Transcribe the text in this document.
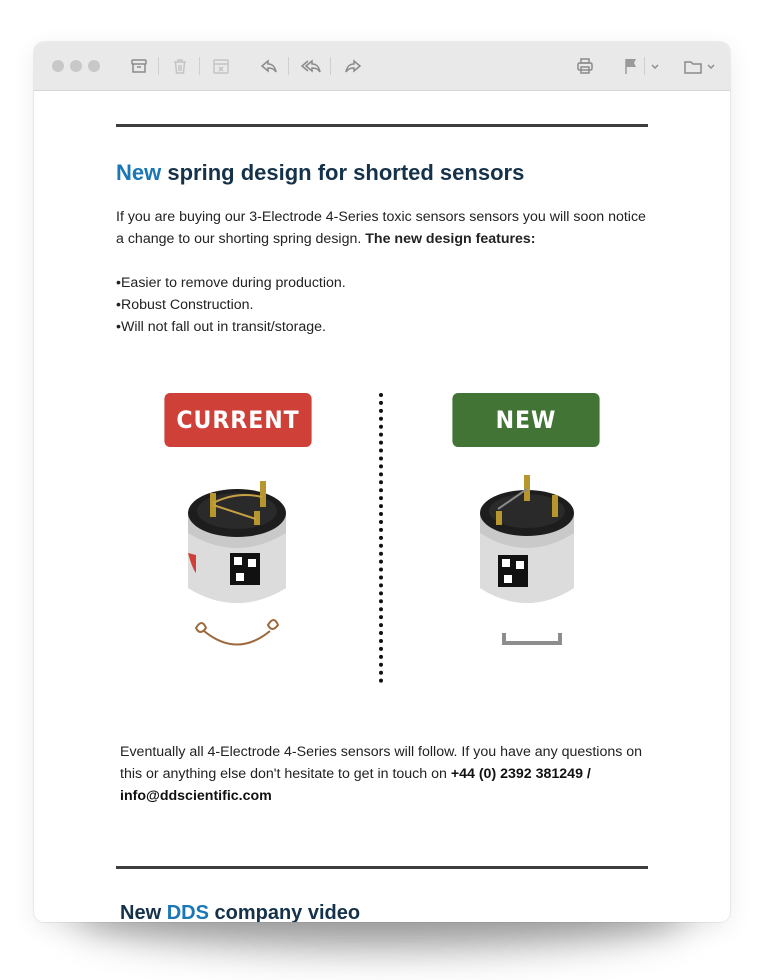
New spring design for shorted sensors

If you are buying our 3-Electrode 4-Series toxic sensors sensors you will soon notice a change to our shorting spring design. The new design features:

• Easier to remove during production.
• Robust Construction.
• Will not fall out in transit/storage.
CURRENT	NEW

Eventually all 4-Electrode 4-Series sensors will follow. If you have any questions on this or anything else don't hesitate to get in touch on +44 (0) 2392 381249 / info@ddscientific.com

New DDS company video
